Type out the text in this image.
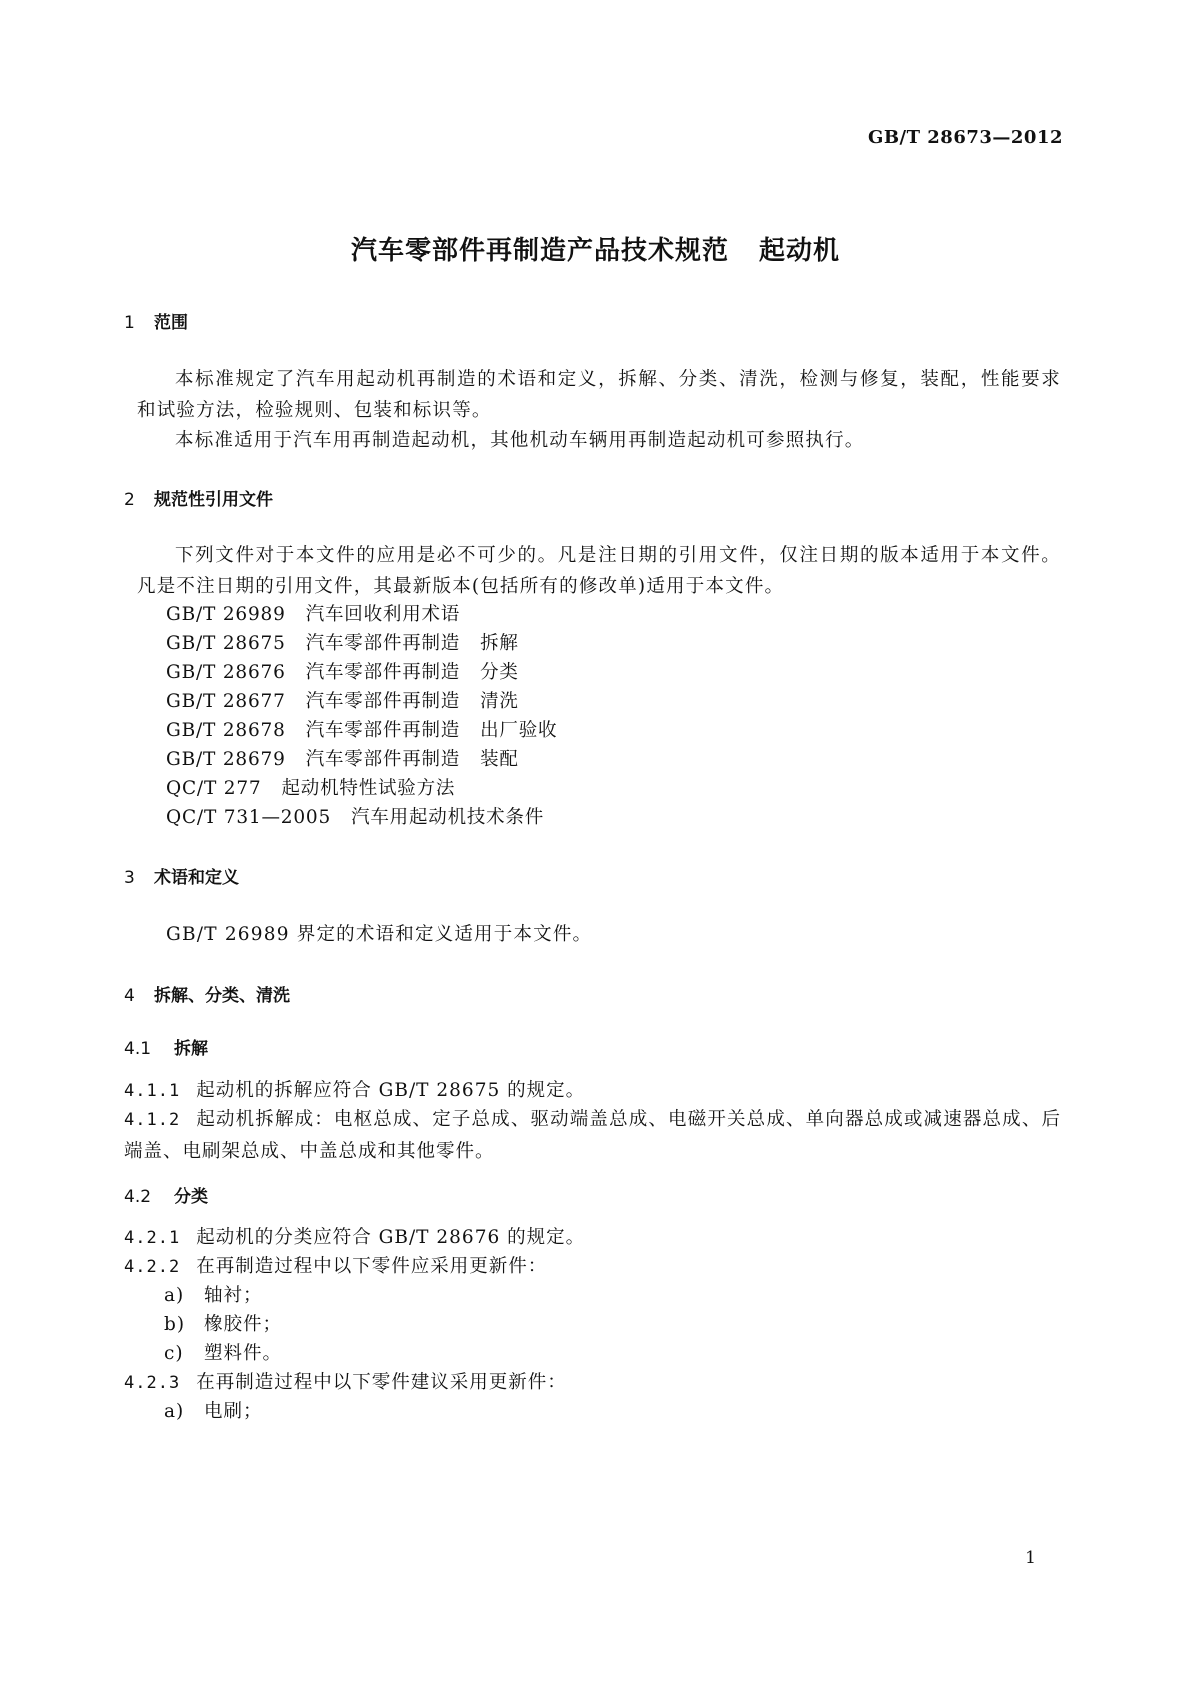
GB/T 28673—2012
汽车零部件再制造产品技术规范 起动机
1 范围
本标准规定了汽车用起动机再制造的术语和定义，拆解、分类、清洗，检测与修复，装配，性能要求和试验方法，检验规则、包装和标识等。
本标准适用于汽车用再制造起动机，其他机动车辆用再制造起动机可参照执行。
2 规范性引用文件
下列文件对于本文件的应用是必不可少的。凡是注日期的引用文件，仅注日期的版本适用于本文件。凡是不注日期的引用文件，其最新版本(包括所有的修改单)适用于本文件。
GB/T 26989 汽车回收利用术语
GB/T 28675 汽车零部件再制造 拆解
GB/T 28676 汽车零部件再制造 分类
GB/T 28677 汽车零部件再制造 清洗
GB/T 28678 汽车零部件再制造 出厂验收
GB/T 28679 汽车零部件再制造 装配
QC/T 277 起动机特性试验方法
QC/T 731—2005 汽车用起动机技术条件
3 术语和定义
GB/T 26989 界定的术语和定义适用于本文件。
4 拆解、分类、清洗
4.1 拆解
4.1.1 起动机的拆解应符合 GB/T 28675 的规定。
4.1.2 起动机拆解成：电枢总成、定子总成、驱动端盖总成、电磁开关总成、单向器总成或减速器总成、后端盖、电刷架总成、中盖总成和其他零件。
4.2 分类
4.2.1 起动机的分类应符合 GB/T 28676 的规定。
4.2.2 在再制造过程中以下零件应采用更新件：
a) 轴衬；
b) 橡胶件；
c) 塑料件。
4.2.3 在再制造过程中以下零件建议采用更新件：
a) 电刷；
1
